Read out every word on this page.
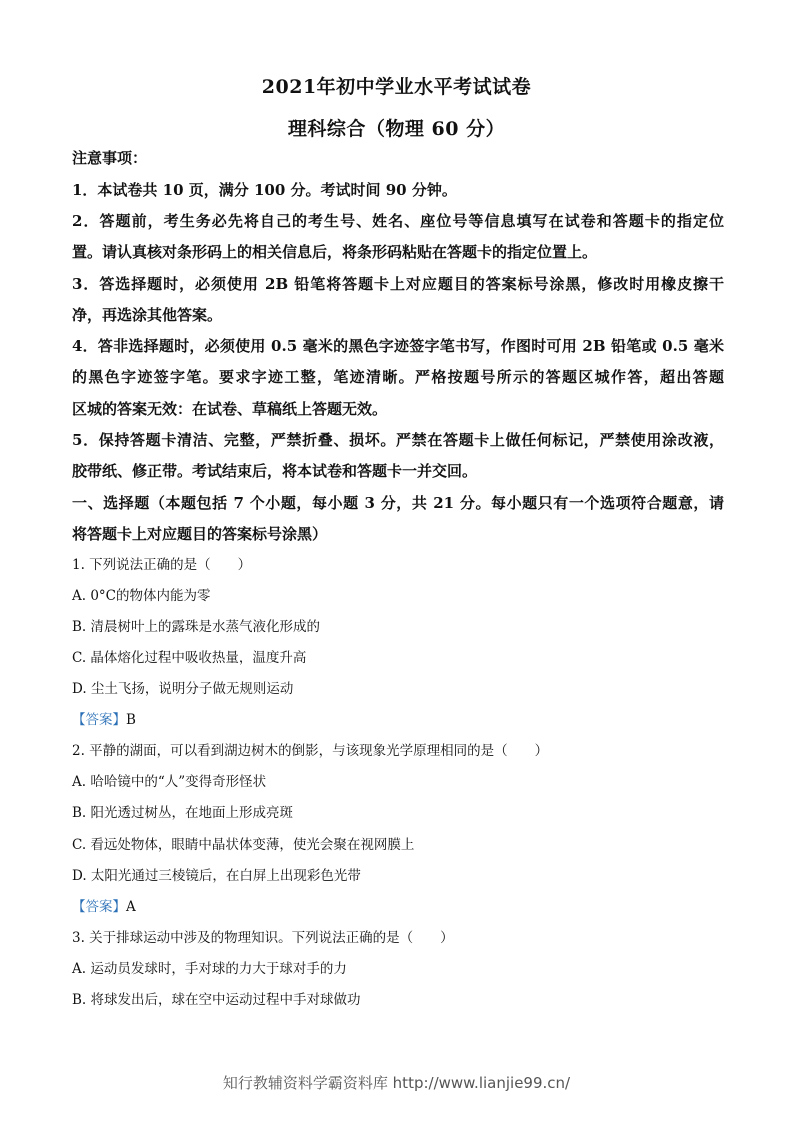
2021年初中学业水平考试试卷
理科综合（物理 60 分）
注意事项：
1．本试卷共 10 页，满分 100 分。考试时间 90 分钟。
2．答题前，考生务必先将自己的考生号、姓名、座位号等信息填写在试卷和答题卡的指定位
置。请认真核对条形码上的相关信息后，将条形码粘贴在答题卡的指定位置上。
3．答选择题时，必须使用 2B 铅笔将答题卡上对应题目的答案标号涂黑，修改时用橡皮擦干
净，再选涂其他答案。
4．答非选择题时，必须使用 0.5 毫米的黑色字迹签字笔书写，作图时可用 2B 铅笔或 0.5 毫米
的黑色字迹签字笔。要求字迹工整，笔迹清晰。严格按题号所示的答题区城作答，超出答题
区城的答案无效：在试卷、草稿纸上答题无效。
5．保持答题卡清洁、完整，严禁折叠、损坏。严禁在答题卡上做任何标记，严禁使用涂改液，
胶带纸、修正带。考试结束后，将本试卷和答题卡一并交回。
一、选择题（本题包括 7 个小题，每小题 3 分，共 21 分。每小题只有一个选项符合题意，请
将答题卡上对应题目的答案标号涂黑）
1. 下列说法正确的是（　　）
A. 0°C的物体内能为零
B. 清晨树叶上的露珠是水蒸气液化形成的
C. 晶体熔化过程中吸收热量，温度升高
D. 尘土飞扬，说明分子做无规则运动
【答案】B
2. 平静的湖面，可以看到湖边树木的倒影，与该现象光学原理相同的是（　　）
A. 哈哈镜中的“人”变得奇形怪状
B. 阳光透过树丛，在地面上形成亮斑
C. 看远处物体，眼睛中晶状体变薄，使光会聚在视网膜上
D. 太阳光通过三棱镜后，在白屏上出现彩色光带
【答案】A
3. 关于排球运动中涉及的物理知识。下列说法正确的是（　　）
A. 运动员发球时，手对球的力大于球对手的力
B. 将球发出后，球在空中运动过程中手对球做功
知行教辅资料学霸资料库 http://www.lianjie99.cn/
